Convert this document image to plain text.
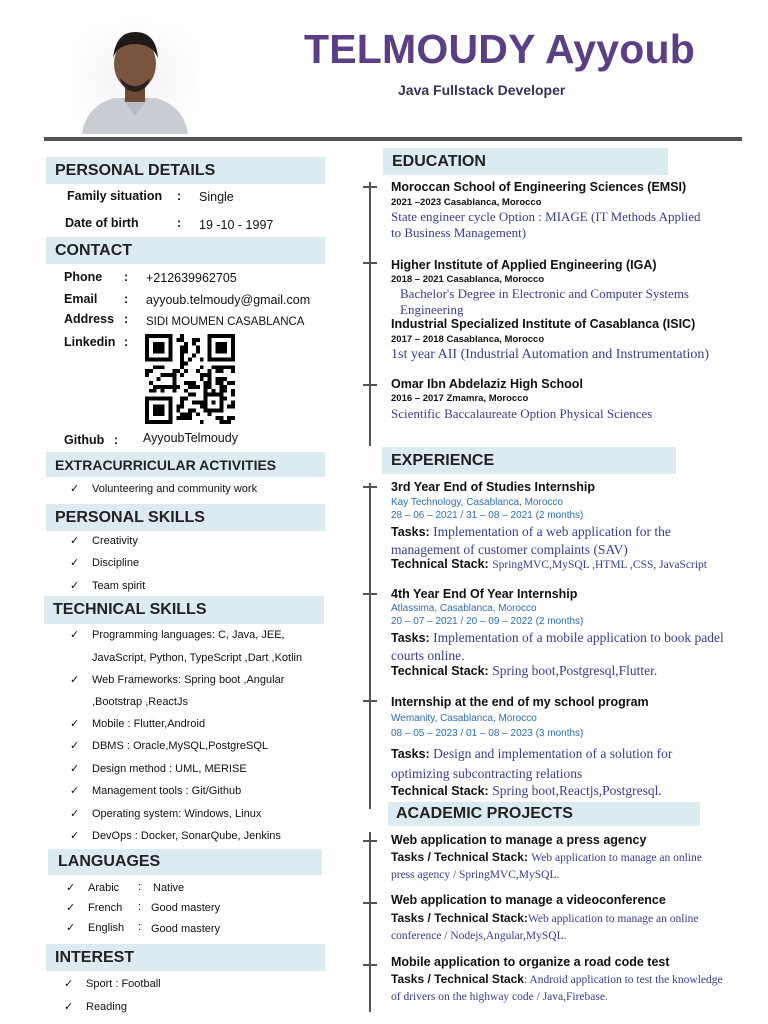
TELMOUDY Ayyoub
Java Fullstack Developer
PERSONAL DETAILS
Family situation : Single
Date of birth	: 19 -10 - 1997
CONTACT
Phone : +212639962705
Email : ayyoub.telmoudy@gmail.com
Address : SIDI MOUMEN CASABLANCA
Linkedin :
Github : AyyoubTelmoudy
EXTRACURRICULAR ACTIVITIES
✓ Volunteering and community work
PERSONAL SKILLS
✓ Creativity
✓ Discipline
✓ Team spirit
TECHNICAL SKILLS
✓ Programming languages: C, Java, JEE,
JavaScript, Python, TypeScript ,Dart ,Kotlin
✓ Web Frameworks: Spring boot ,Angular
,Bootstrap ,ReactJs
✓ Mobile : Flutter,Android
✓ DBMS : Oracle,MySQL,PostgreSQL
✓ Design method : UML, MERISE
✓ Management tools : Git/Github
✓ Operating system: Windows, Linux
✓ DevOps : Docker, SonarQube, Jenkins
LANGUAGES
✓ Arabic : Native
✓ French : Good mastery
✓ English : Good mastery
INTEREST
✓ Sport : Football
✓ Reading
EDUCATION
Moroccan School of Engineering Sciences (EMSI)
2021 –2023 Casablanca, Morocco
State engineer cycle Option : MIAGE (IT Methods Applied
to Business Management)
Higher Institute of Applied Engineering (IGA)
2018 – 2021 Casablanca, Morocco
Bachelor's Degree in Electronic and Computer Systems
Engineering
Industrial Specialized Institute of Casablanca (ISIC)
2017 – 2018 Casablanca, Morocco
1st year AII (Industrial Automation and Instrumentation)
Omar Ibn Abdelaziz High School
2016 – 2017 Zmamra, Morocco
Scientific Baccalaureate Option Physical Sciences
EXPERIENCE
3rd Year End of Studies Internship
Kay Technology, Casablanca, Morocco
28 – 06 – 2021 / 31 – 08 – 2021 (2 months)
Tasks: Implementation of a web application for the
management of customer complaints (SAV)
Technical Stack: SpringMVC,MySQL ,HTML ,CSS, JavaScript
4th Year End Of Year Internship
Atlassima, Casablanca, Morocco
20 – 07 – 2021 / 20 – 09 – 2022 (2 months)
Tasks: Implementation of a mobile application to book padel
courts online.
Technical Stack: Spring boot,Postgresql,Flutter.
Internship at the end of my school program
Wemanity, Casablanca, Morocco
08 – 05 – 2023 / 01 – 08 – 2023 (3 months)
Tasks: Design and implementation of a solution for
optimizing subcontracting relations
Technical Stack: Spring boot,Reactjs,Postgresql.
ACADEMIC PROJECTS
Web application to manage a press agency
Tasks / Technical Stack: Web application to manage an online
press agency / SpringMVC,MySQL.
Web application to manage a videoconference
Tasks / Technical Stack:Web application to manage an online
conference / Nodejs,Angular,MySQL.
Mobile application to organize a road code test
Tasks / Technical Stack: Android application to test the knowledge
of drivers on the highway code / Java,Firebase.
